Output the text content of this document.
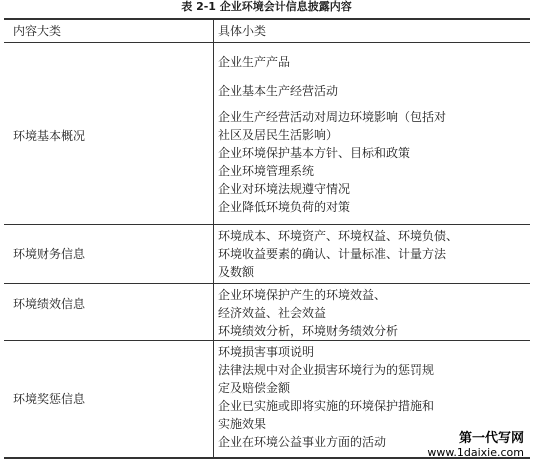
表 2-1 企业环境会计信息披露内容
内容大类	具体小类
环境基本概况
企业生产产品
企业基本生产经营活动
企业生产经营活动对周边环境影响（包括对
社区及居民生活影响）
企业环境保护基本方针、目标和政策
企业环境管理系统
企业对环境法规遵守情况
企业降低环境负荷的对策
环境财务信息
环境成本、环境资产、环境权益、环境负债、
环境收益要素的确认、计量标准、计量方法
及数额
环境绩效信息
企业环境保护产生的环境效益、
经济效益、社会效益
环境绩效分析，环境财务绩效分析
环境奖惩信息
环境损害事项说明
法律法规中对企业损害环境行为的惩罚规
定及赔偿金额
企业已实施或即将实施的环境保护措施和
实施效果
企业在环境公益事业方面的活动	第一代写网
www.1daixie.com
